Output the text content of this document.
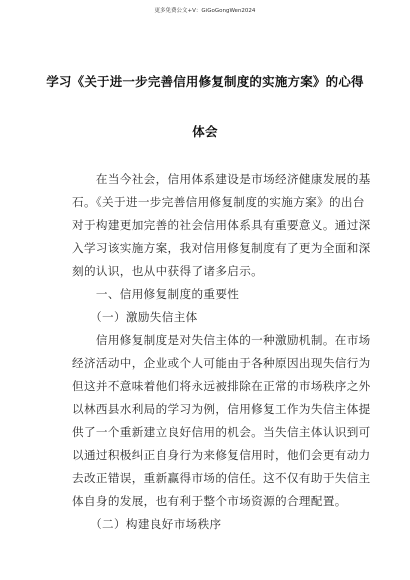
更多免费公文+V：GiGoGongWen2024
学习《关于进一步完善信用修复制度的实施方案》的心得
体会
　　在当今社会，信用体系建设是市场经济健康发展的基
石。《关于进一步完善信用修复制度的实施方案》的出台
对于构建更加完善的社会信用体系具有重要意义。通过深
入学习该实施方案，我对信用修复制度有了更为全面和深
刻的认识，也从中获得了诸多启示。
　　一、信用修复制度的重要性
　　（一）激励失信主体
　　信用修复制度是对失信主体的一种激励机制。在市场
经济活动中，企业或个人可能由于各种原因出现失信行为
但这并不意味着他们将永远被排除在正常的市场秩序之外
以林西县水利局的学习为例，信用修复工作为失信主体提
供了一个重新建立良好信用的机会。当失信主体认识到可
以通过积极纠正自身行为来修复信用时，他们会更有动力
去改正错误，重新赢得市场的信任。这不仅有助于失信主
体自身的发展，也有利于整个市场资源的合理配置。
　　（二）构建良好市场秩序
